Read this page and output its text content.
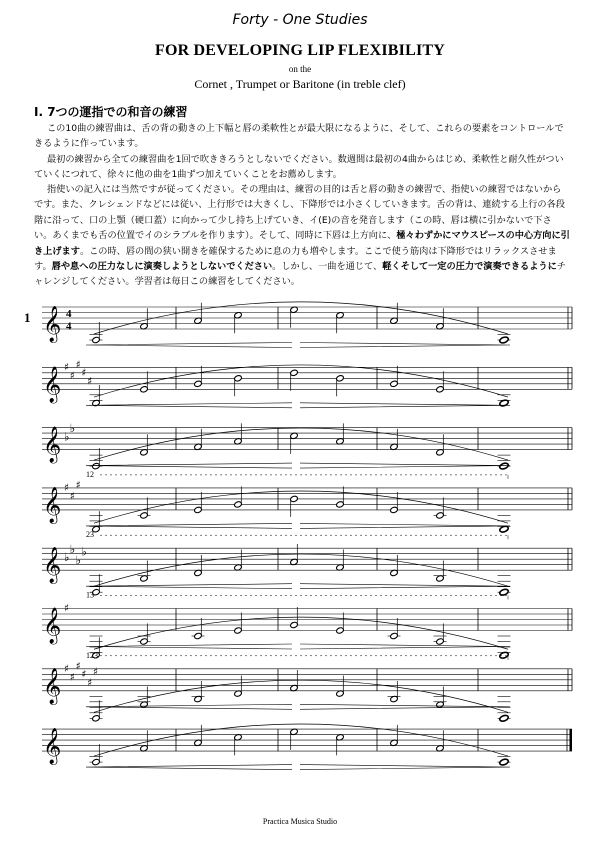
Forty - One Studies
FOR DEVELOPING LIP FLEXIBILITY
on the
Cornet , Trumpet or Baritone (in treble clef)
I. 7つの運指での和音の練習

この10曲の練習曲は、舌の背の動きの上下幅と唇の柔軟性とが最大限になるように、そして、これらの要素をコントロールできるように作っています。

最初の練習から全ての練習曲を1回で吹ききろうとしないでください。数週間は最初の4曲からはじめ、柔軟性と耐久性がついていくにつれて、徐々に他の曲を1曲ずつ加えていくことをお薦めします。

指使いの記入には当然ですが従ってください。その理由は、練習の目的は舌と唇の動きの練習で、指使いの練習ではないからです。また、クレシェンドなどには従い、上行形では大きくし、下降形では小さくしていきます。舌の背は、連続する上行の各段階に沿って、口の上顎（硬口蓋）に向かって少し持ち上げていき、イ(E)の音を発音します（この時、唇は横に引かないで下さい。あくまでも舌の位置でイのシラブルを作ります）。そして、同時に下唇は上方向に、極々わずかにマウスピースの中心方向に引き上げます。この時、唇の間の狭い開きを確保するために息の力も増やします。ここで使う筋肉は下降形ではリラックスさせます。唇や息への圧力なしに演奏しようとしないでください。しかし、一曲を通じて、軽くそして一定の圧力で演奏できるようにチャレンジしてください。学習者は毎日この練習をしてください。

𝄞
1	4
4
𝄞 ♯
♯
♯
♯
♯
𝄞 ♭
♭
𝄞 ♯
♯
♯
12
𝄞 ♭
♭
♭
♭
23
𝄞 ♯
13
𝄞 ♯
♯
♯
♯
♯
♯
123
𝄞
Practica Musica Studio
